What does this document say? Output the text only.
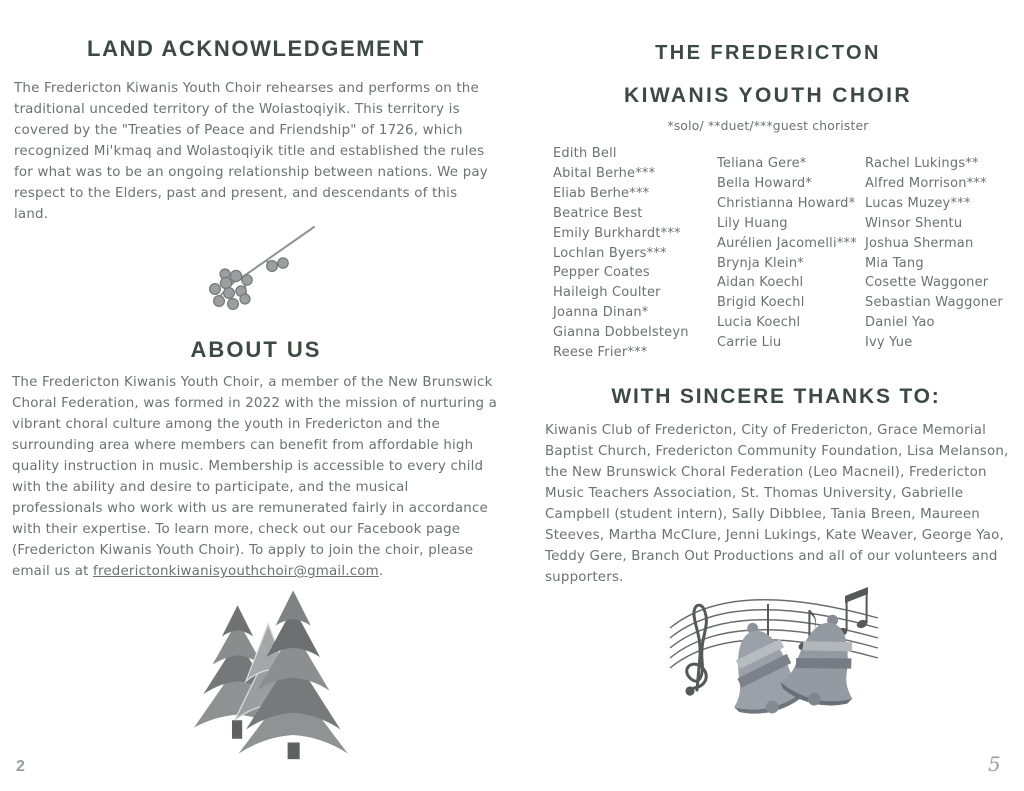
LAND ACKNOWLEDGEMENT

The Fredericton Kiwanis Youth Choir rehearses and performs on the traditional unceded territory of the Wolastoqiyik. This territory is covered by the "Treaties of Peace and Friendship" of 1726, which recognized Mi'kmaq and Wolastoqiyik title and established the rules for what was to be an ongoing relationship between nations. We pay respect to the Elders, past and present, and descendants of this land.

ABOUT US

The Fredericton Kiwanis Youth Choir, a member of the New Brunswick Choral Federation, was formed in 2022 with the mission of nurturing a vibrant choral culture among the youth in Fredericton and the surrounding area where members can benefit from affordable high quality instruction in music. Membership is accessible to every child with the ability and desire to participate, and the musical professionals who work with us are remunerated fairly in accordance with their expertise. To learn more, check out our Facebook page (Fredericton Kiwanis Youth Choir). To apply to join the choir, please email us at frederictonkiwanisyouthchoir@gmail.com.

2
THE FREDERICTON
KIWANIS YOUTH CHOIR
*solo/ **duet/***guest chorister
Edith Bell
Abital Berhe***
Eliab Berhe***
Beatrice Best
Emily Burkhardt***
Lochlan Byers***
Pepper Coates
Haileigh Coulter
Joanna Dinan*
Gianna Dobbelsteyn
Reese Frier***
Teliana Gere*
Bella Howard*
Christianna Howard*
Lily Huang
Aurélien Jacomelli***
Brynja Klein*
Aidan Koechl
Brigid Koechl
Lucia Koechl
Carrie Liu
Rachel Lukings**
Alfred Morrison***
Lucas Muzey***
Winsor Shentu
Joshua Sherman
Mia Tang
Cosette Waggoner
Sebastian Waggoner
Daniel Yao
Ivy Yue
WITH SINCERE THANKS TO:

Kiwanis Club of Fredericton, City of Fredericton, Grace Memorial Baptist Church, Fredericton Community Foundation, Lisa Melanson, the New Brunswick Choral Federation (Leo Macneil), Fredericton Music Teachers Association, St. Thomas University, Gabrielle Campbell (student intern), Sally Dibblee, Tania Breen, Maureen Steeves, Martha McClure, Jenni Lukings, Kate Weaver, George Yao, Teddy Gere, Branch Out Productions and all of our volunteers and supporters.

5
